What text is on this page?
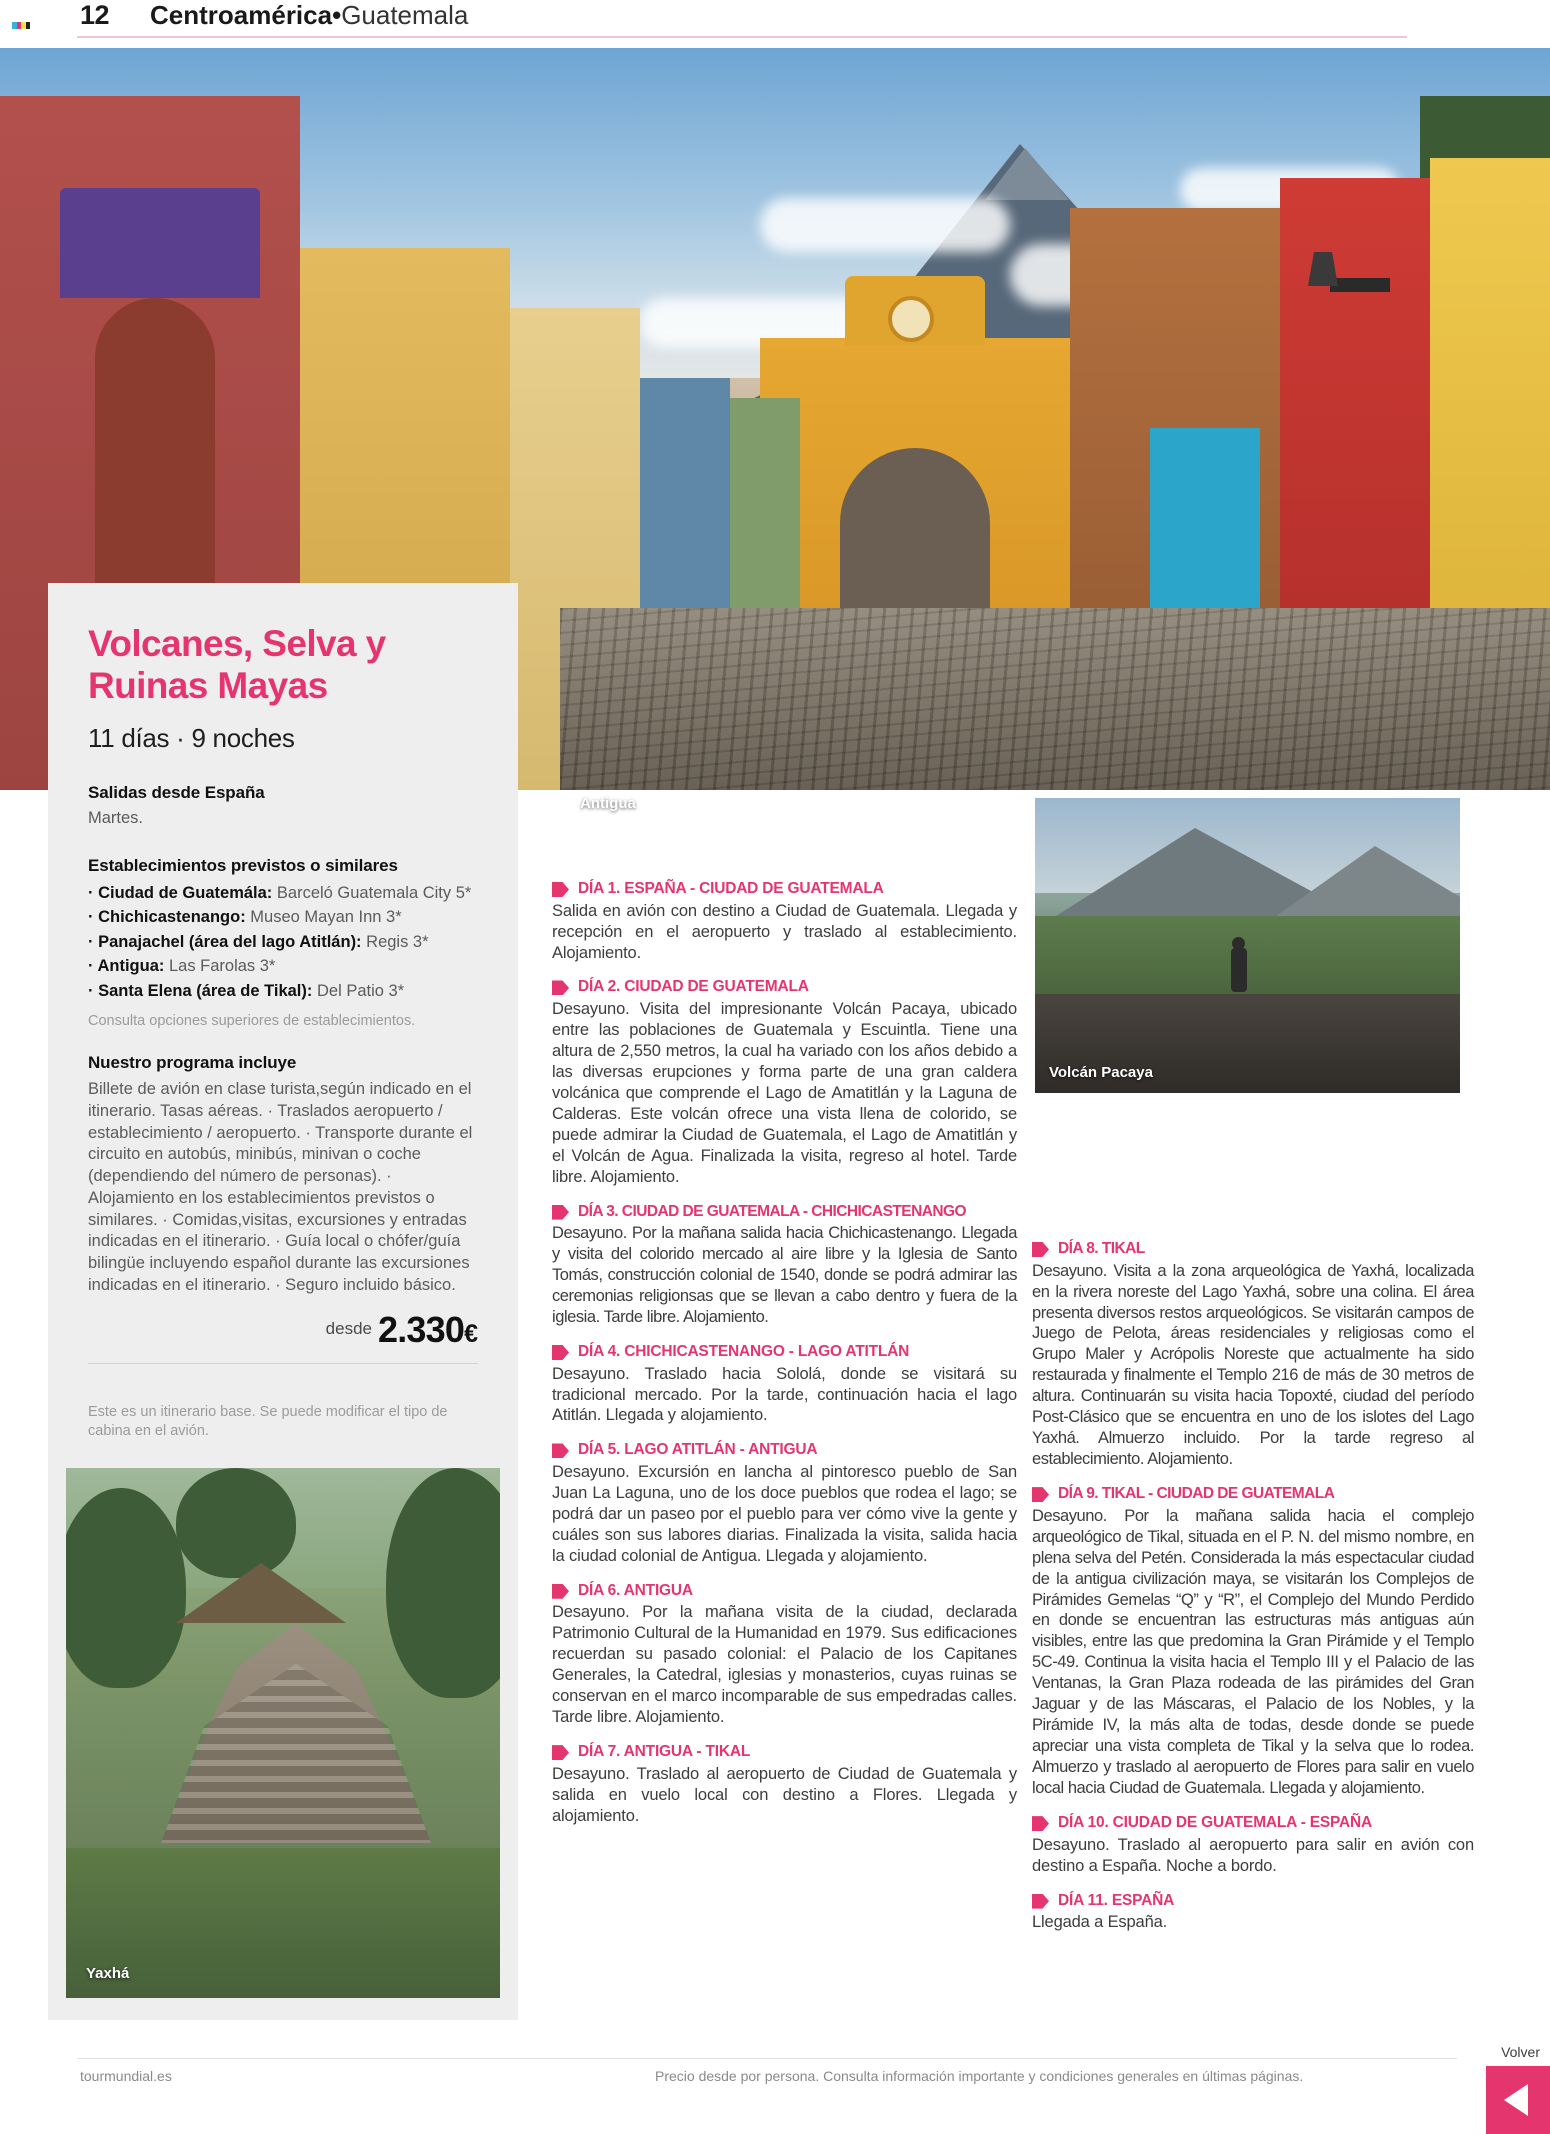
12 Centroamérica•Guatemala
Antigua
Volcanes, Selva y Ruinas Mayas
11 días · 9 noches
Salidas desde España
Martes.
Establecimientos previstos o similares
· Ciudad de Guatemála: Barceló Guatemala City 5*
· Chichicastenango: Museo Mayan Inn 3*
· Panajachel (área del lago Atitlán): Regis 3*
· Antigua: Las Farolas 3*
· Santa Elena (área de Tikal): Del Patio 3*
Consulta opciones superiores de establecimientos.
Nuestro programa incluye
Billete de avión en clase turista,según indicado en el itinerario. Tasas aéreas. · Traslados aeropuerto / establecimiento / aeropuerto. · Transporte durante el circuito en autobús, minibús, minivan o coche (dependiendo del número de personas). · Alojamiento en los establecimientos previstos o similares. · Comidas,visitas, excursiones y entradas indicadas en el itinerario. · Guía local o chófer/guía bilingüe incluyendo español durante las excursiones indicadas en el itinerario. · Seguro incluido básico.
desde 2.330€
Este es un itinerario base. Se puede modificar el tipo de cabina en el avión.
Yaxhá
Volcán Pacaya
DÍA 1. ESPAÑA - CIUDAD DE GUATEMALA
Salida en avión con destino a Ciudad de Guatemala. Llegada y recepción en el aeropuerto y traslado al establecimiento. Alojamiento.
DÍA 2. CIUDAD DE GUATEMALA
Desayuno. Visita del impresionante Volcán Pacaya, ubicado entre las poblaciones de Guatemala y Escuintla. Tiene una altura de 2,550 metros, la cual ha variado con los años debido a las diversas erupciones y forma parte de una gran caldera volcánica que comprende el Lago de Amatitlán y la Laguna de Calderas. Este volcán ofrece una vista llena de colorido, se puede admirar la Ciudad de Guatemala, el Lago de Amatitlán y el Volcán de Agua. Finalizada la visita, regreso al hotel. Tarde libre. Alojamiento.
DÍA 3. CIUDAD DE GUATEMALA - CHICHICASTENANGO
Desayuno. Por la mañana salida hacia Chichicastenango. Llegada y visita del colorido mercado al aire libre y la Iglesia de Santo Tomás, construcción colonial de 1540, donde se podrá admirar las ceremonias religionsas que se llevan a cabo dentro y fuera de la iglesia. Tarde libre. Alojamiento.
DÍA 4. CHICHICASTENANGO - LAGO ATITLÁN
Desayuno. Traslado hacia Sololá, donde se visitará su tradicional mercado. Por la tarde, continuación hacia el lago Atitlán. Llegada y alojamiento.
DÍA 5. LAGO ATITLÁN - ANTIGUA
Desayuno. Excursión en lancha al pintoresco pueblo de San Juan La Laguna, uno de los doce pueblos que rodea el lago; se podrá dar un paseo por el pueblo para ver cómo vive la gente y cuáles son sus labores diarias. Finalizada la visita, salida hacia la ciudad colonial de Antigua. Llegada y alojamiento.
DÍA 6. ANTIGUA
Desayuno. Por la mañana visita de la ciudad, declarada Patrimonio Cultural de la Humanidad en 1979. Sus edificaciones recuerdan su pasado colonial: el Palacio de los Capitanes Generales, la Catedral, iglesias y monasterios, cuyas ruinas se conservan en el marco incomparable de sus empedradas calles. Tarde libre. Alojamiento.
DÍA 7. ANTIGUA - TIKAL
Desayuno. Traslado al aeropuerto de Ciudad de Guatemala y salida en vuelo local con destino a Flores. Llegada y alojamiento.
DÍA 8. TIKAL
Desayuno. Visita a la zona arqueológica de Yaxhá, localizada en la rivera noreste del Lago Yaxhá, sobre una colina. El área presenta diversos restos arqueológicos. Se visitarán campos de Juego de Pelota, áreas residenciales y religiosas como el Grupo Maler y Acrópolis Noreste que actualmente ha sido restaurada y finalmente el Templo 216 de más de 30 metros de altura. Continuarán su visita hacia Topoxté, ciudad del período Post-Clásico que se encuentra en uno de los islotes del Lago Yaxhá. Almuerzo incluido. Por la tarde regreso al establecimiento. Alojamiento.
DÍA 9. TIKAL - CIUDAD DE GUATEMALA
Desayuno. Por la mañana salida hacia el complejo arqueológico de Tikal, situada en el P. N. del mismo nombre, en plena selva del Petén. Considerada la más espectacular ciudad de la antigua civilización maya, se visitarán los Complejos de Pirámides Gemelas “Q” y “R”, el Complejo del Mundo Perdido en donde se encuentran las estructuras más antiguas aún visibles, entre las que predomina la Gran Pirámide y el Templo 5C-49. Continua la visita hacia el Templo III y el Palacio de las Ventanas, la Gran Plaza rodeada de las pirámides del Gran Jaguar y de las Máscaras, el Palacio de los Nobles, y la Pirámide IV, la más alta de todas, desde donde se puede apreciar una vista completa de Tikal y la selva que lo rodea. Almuerzo y traslado al aeropuerto de Flores para salir en vuelo local hacia Ciudad de Guatemala. Llegada y alojamiento.
DÍA 10. CIUDAD DE GUATEMALA - ESPAÑA
Desayuno. Traslado al aeropuerto para salir en avión con destino a España. Noche a bordo.
DÍA 11. ESPAÑA
Llegada a España.
tourmundial.es	Precio desde por persona. Consulta información importante y condiciones generales en últimas páginas.
Volver
